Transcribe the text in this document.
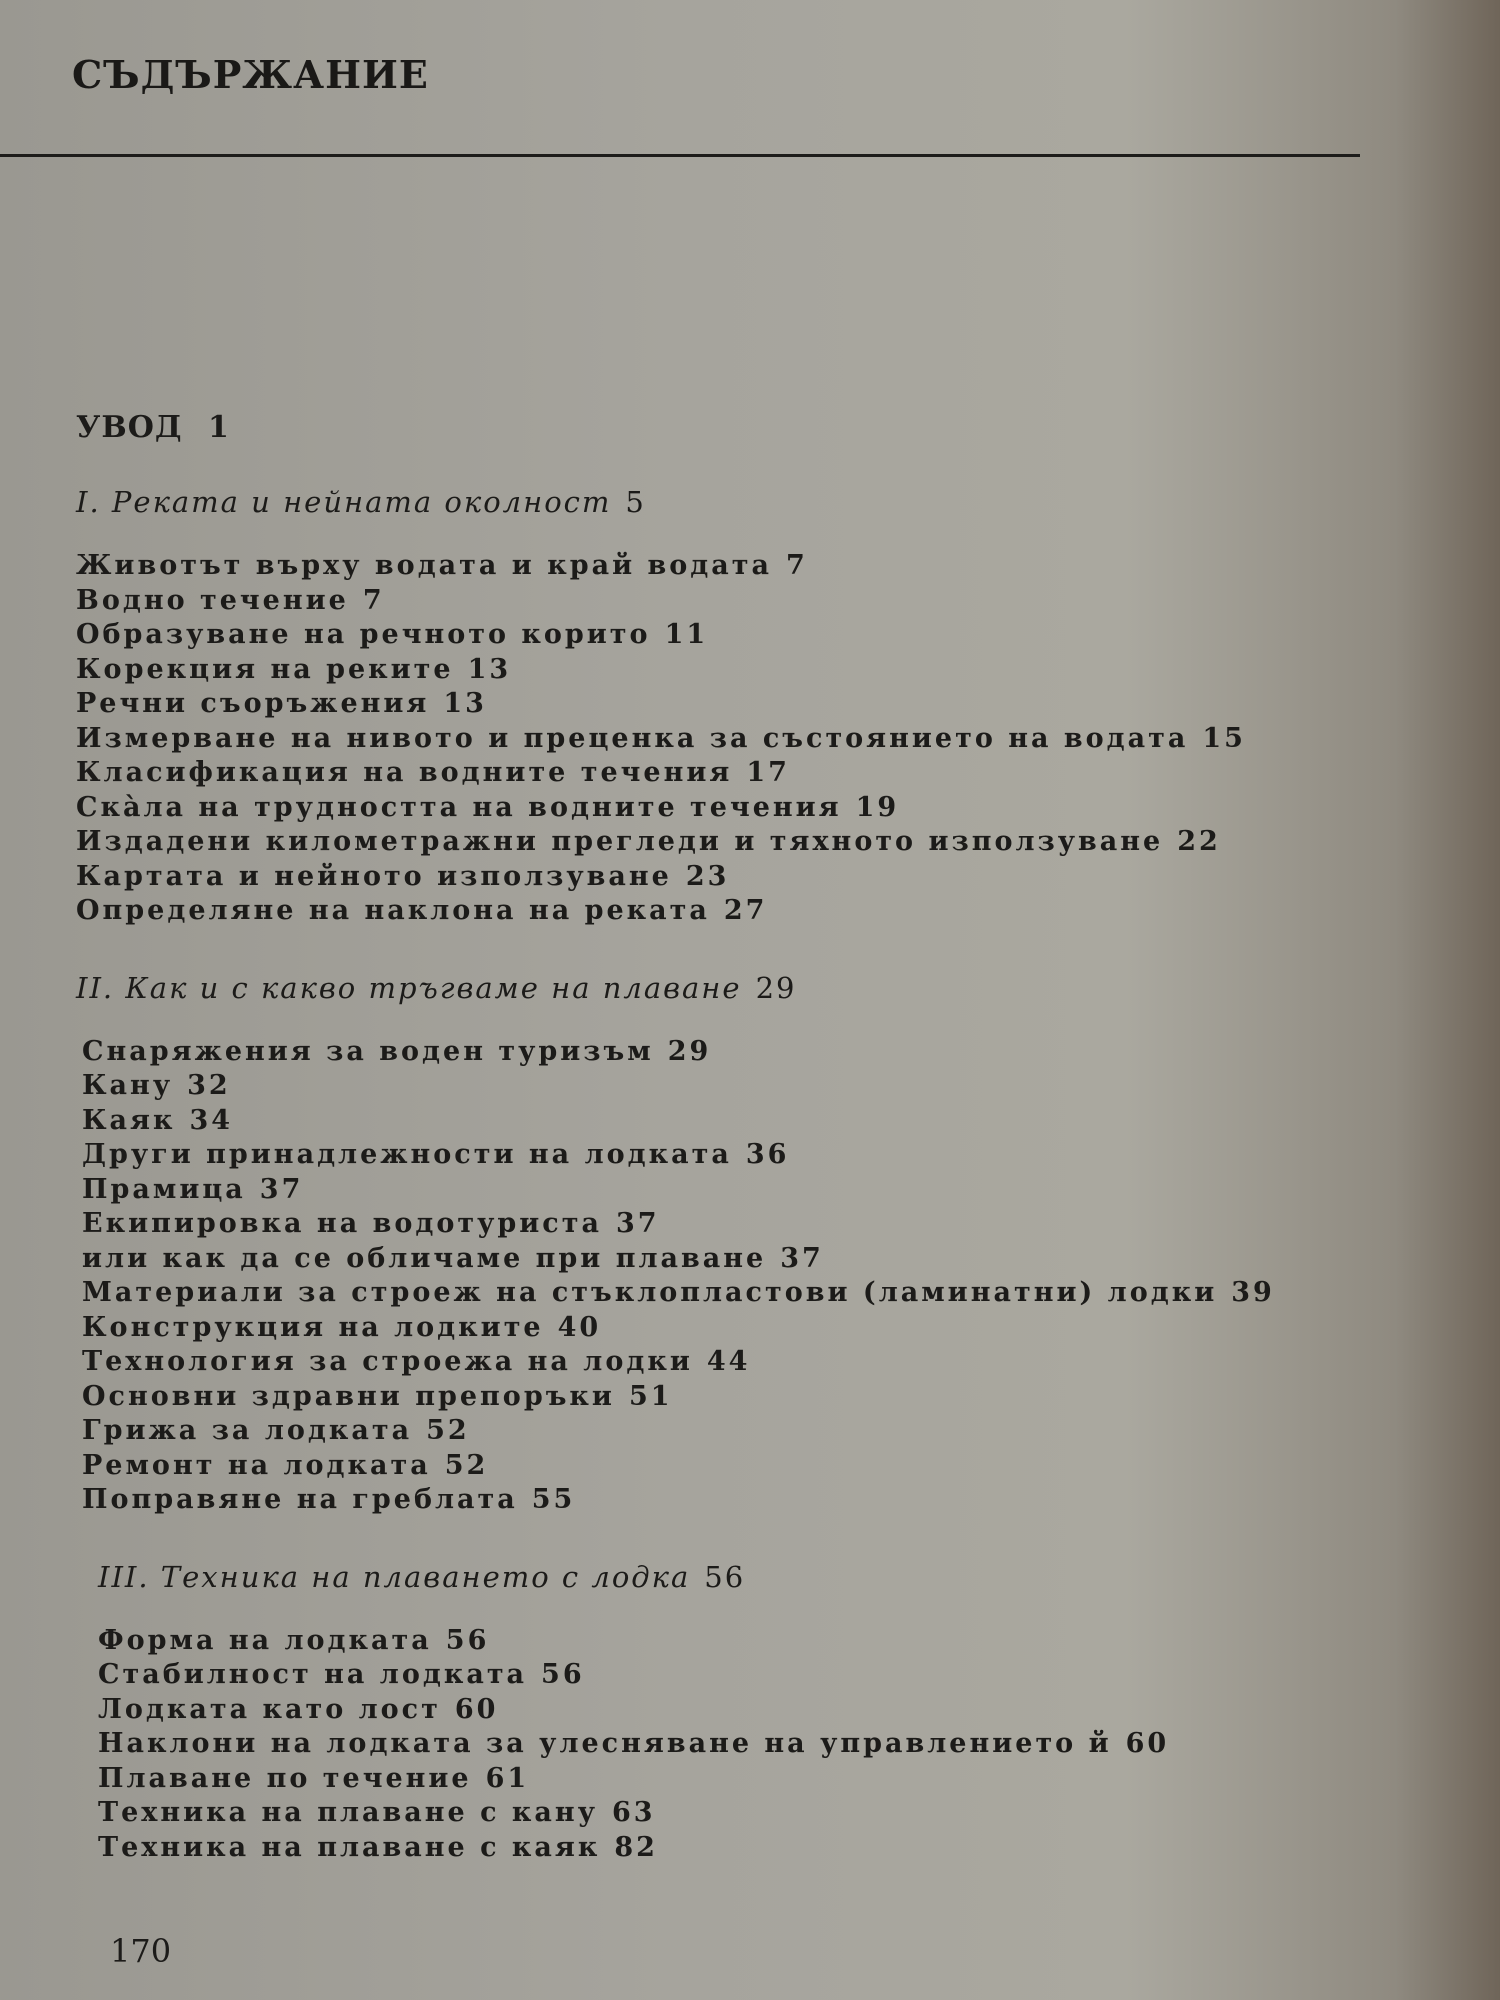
СЪДЪРЖАНИЕ
УВОД 1
I. Реката и нейната околност 5
Животът върху водата и край водата 7
Водно течение 7
Образуване на речното корито 11
Корекция на реките 13
Речни съоръжения 13
Измерване на нивото и преценка за състоянието на водата 15
Класификация на водните течения 17
Скàла на трудността на водните течения 19
Издадени километражни прегледи и тяхното използуване 22
Картата и нейното използуване 23
Определяне на наклона на реката 27
II. Как и с какво тръгваме на плаване 29
Снаряжения за воден туризъм 29
Кану 32
Каяк 34
Други принадлежности на лодката 36
Прамица 37
Екипировка на водотуриста 37
или как да се обличаме при плаване 37
Материали за строеж на стъклопластови (ламинатни) лодки 39
Конструкция на лодките 40
Технология за строежа на лодки 44
Основни здравни препоръки 51
Грижа за лодката 52
Ремонт на лодката 52
Поправяне на греблата 55
III. Техника на плаването с лодка 56
Форма на лодката 56
Стабилност на лодката 56
Лодката като лост 60
Наклони на лодката за улесняване на управлението й 60
Плаване по течение 61
Техника на плаване с кану 63
Техника на плаване с каяк 82
170
